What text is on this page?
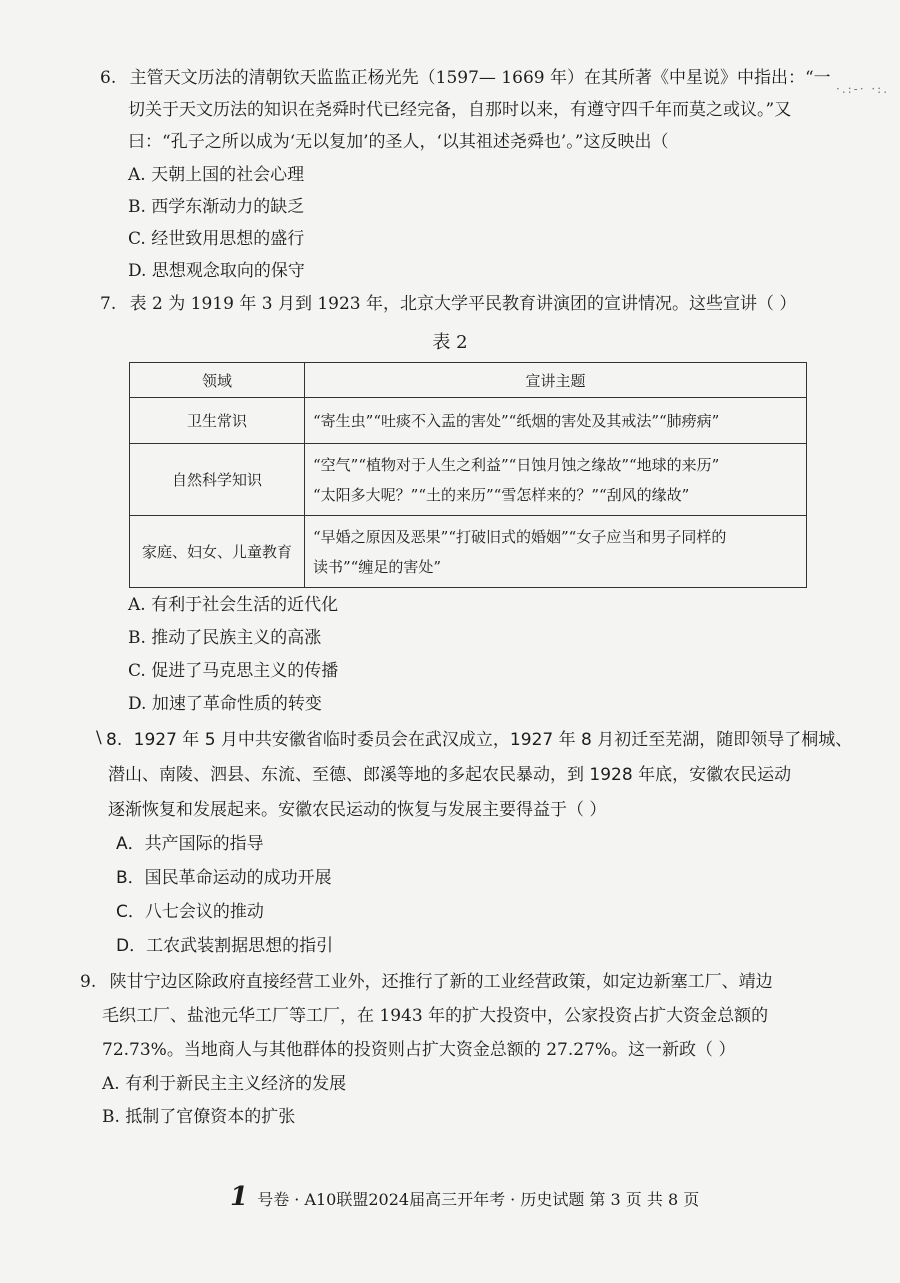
·.:-· ·:.
6. 主管天文历法的清朝钦天监监正杨光先（1597— 1669 年）在其所著《中星说》中指出：“一
切关于天文历法的知识在尧舜时代已经完备，自那时以来，有遵守四千年而莫之或议。”又
曰：“孔子之所以成为‘无以复加’的圣人，‘以其祖述尧舜也’。”这反映出（
A. 天朝上国的社会心理
B. 西学东渐动力的缺乏
C. 经世致用思想的盛行
D. 思想观念取向的保守
7. 表 2 为 1919 年 3 月到 1923 年，北京大学平民教育讲演团的宣讲情况。这些宣讲（ ）
表 2
领域	宣讲主题
卫生常识	“寄生虫”“吐痰不入盂的害处”“纸烟的害处及其戒法”“肺痨病”

自然科学知识	“空气”“植物对于人生之利益”“日蚀月蚀之缘故”“地球的来历”
“太阳多大呢？”“土的来历”“雪怎样来的？”“刮风的缘故”

家庭、妇女、儿童教育	“早婚之原因及恶果”“打破旧式的婚姻”“女子应当和男子同样的
读书”“缠足的害处”
A. 有利于社会生活的近代化
B. 推动了民族主义的高涨
C. 促进了马克思主义的传播
D. 加速了革命性质的转变
\ 8. 1927 年 5 月中共安徽省临时委员会在武汉成立，1927 年 8 月初迁至芜湖，随即领导了桐城、
潜山、南陵、泗县、东流、至德、郎溪等地的多起农民暴动，到 1928 年底，安徽农民运动
逐渐恢复和发展起来。安徽农民运动的恢复与发展主要得益于（ ）
A．共产国际的指导
B．国民革命运动的成功开展
C．八七会议的推动
D．工农武装割据思想的指引
9. 陕甘宁边区除政府直接经营工业外，还推行了新的工业经营政策，如定边新塞工厂、靖边
毛织工厂、盐池元华工厂等工厂，在 1943 年的扩大投资中，公家投资占扩大资金总额的
72.73%。当地商人与其他群体的投资则占扩大资金总额的 27.27%。这一新政（ ）
A. 有利于新民主主义经济的发展
B. 抵制了官僚资本的扩张
1 号卷 · A10联盟2024届高三开年考 · 历史试题 第 3 页 共 8 页
